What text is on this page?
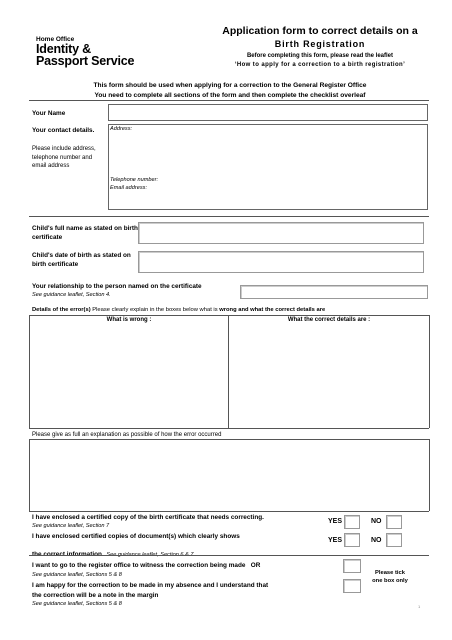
Home Office
Identity &
Passport Service
Application form to correct details on a
Birth Registration
Before completing this form, please read the leaflet
‘How to apply for a correction to a birth registration’
This form should be used when applying for a correction to the General Register Office
You need to complete all sections of the form and then complete the checklist overleaf
Your Name
Your contact details.
Please include address, telephone number and email address
Address:
Telephone number:
Email address:
Child's full name as stated on birth certificate
Child's date of birth as stated on birth certificate
Your relationship to the person named on the certificate
See guidance leaflet, Section 4.
Details of the error(s) Please clearly explain in the boxes below what is wrong and what the correct details are
What is wrong :	What the correct details are :
Please give as full an explanation as possible of how the error occurred
I have enclosed a certified copy of the birth certificate that needs correcting.
See guidance leaflet, Section 7
YES	NO
I have enclosed certified copies of document(s) which clearly shows
the correct information See guidance leaflet, Section 6 & 7
YES	NO
I want to go to the register office to witness the correction being made OR
See guidance leaflet, Sections 5 & 8
I am happy for the correction to be made in my absence and I understand that
the correction will be a note in the margin
See guidance leaflet, Sections 5 & 8
Please tick
one box only
1
